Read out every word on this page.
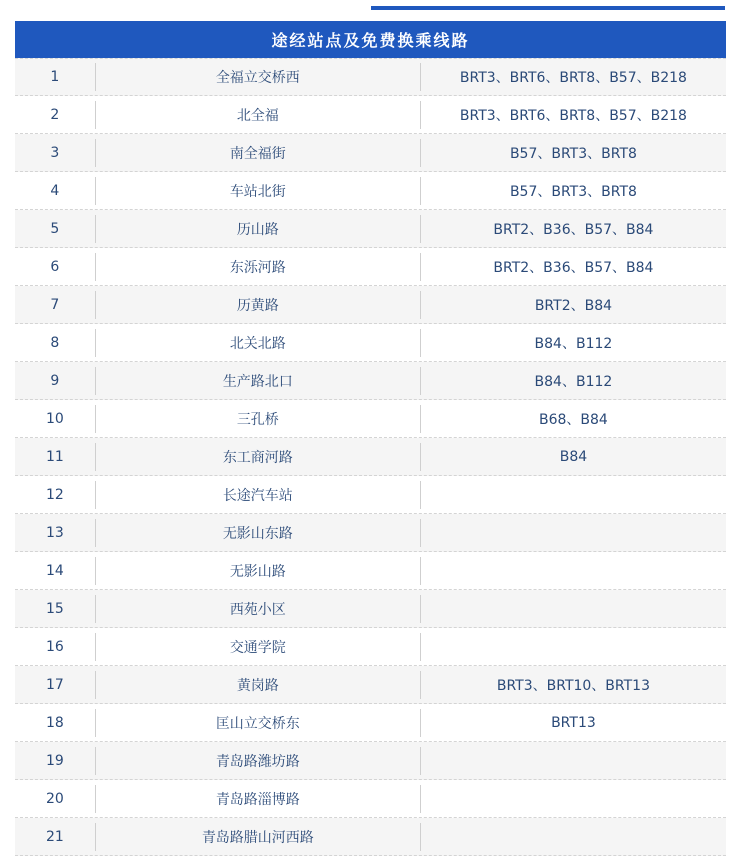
途经站点及免费换乘线路
1	全福立交桥西	BRT3、BRT6、BRT8、B57、B218
2	北全福	BRT3、BRT6、BRT8、B57、B218
3	南全福街	B57、BRT3、BRT8
4	车站北街	B57、BRT3、BRT8
5	历山路	BRT2、B36、B57、B84
6	东泺河路	BRT2、B36、B57、B84
7	历黄路	BRT2、B84
8	北关北路	B84、B112
9	生产路北口	B84、B112
10	三孔桥	B68、B84
11	东工商河路	B84
12	长途汽车站
13	无影山东路
14	无影山路
15	西苑小区
16	交通学院
17	黄岗路	BRT3、BRT10、BRT13
18	匡山立交桥东	BRT13
19	青岛路潍坊路
20	青岛路淄博路
21	青岛路腊山河西路
